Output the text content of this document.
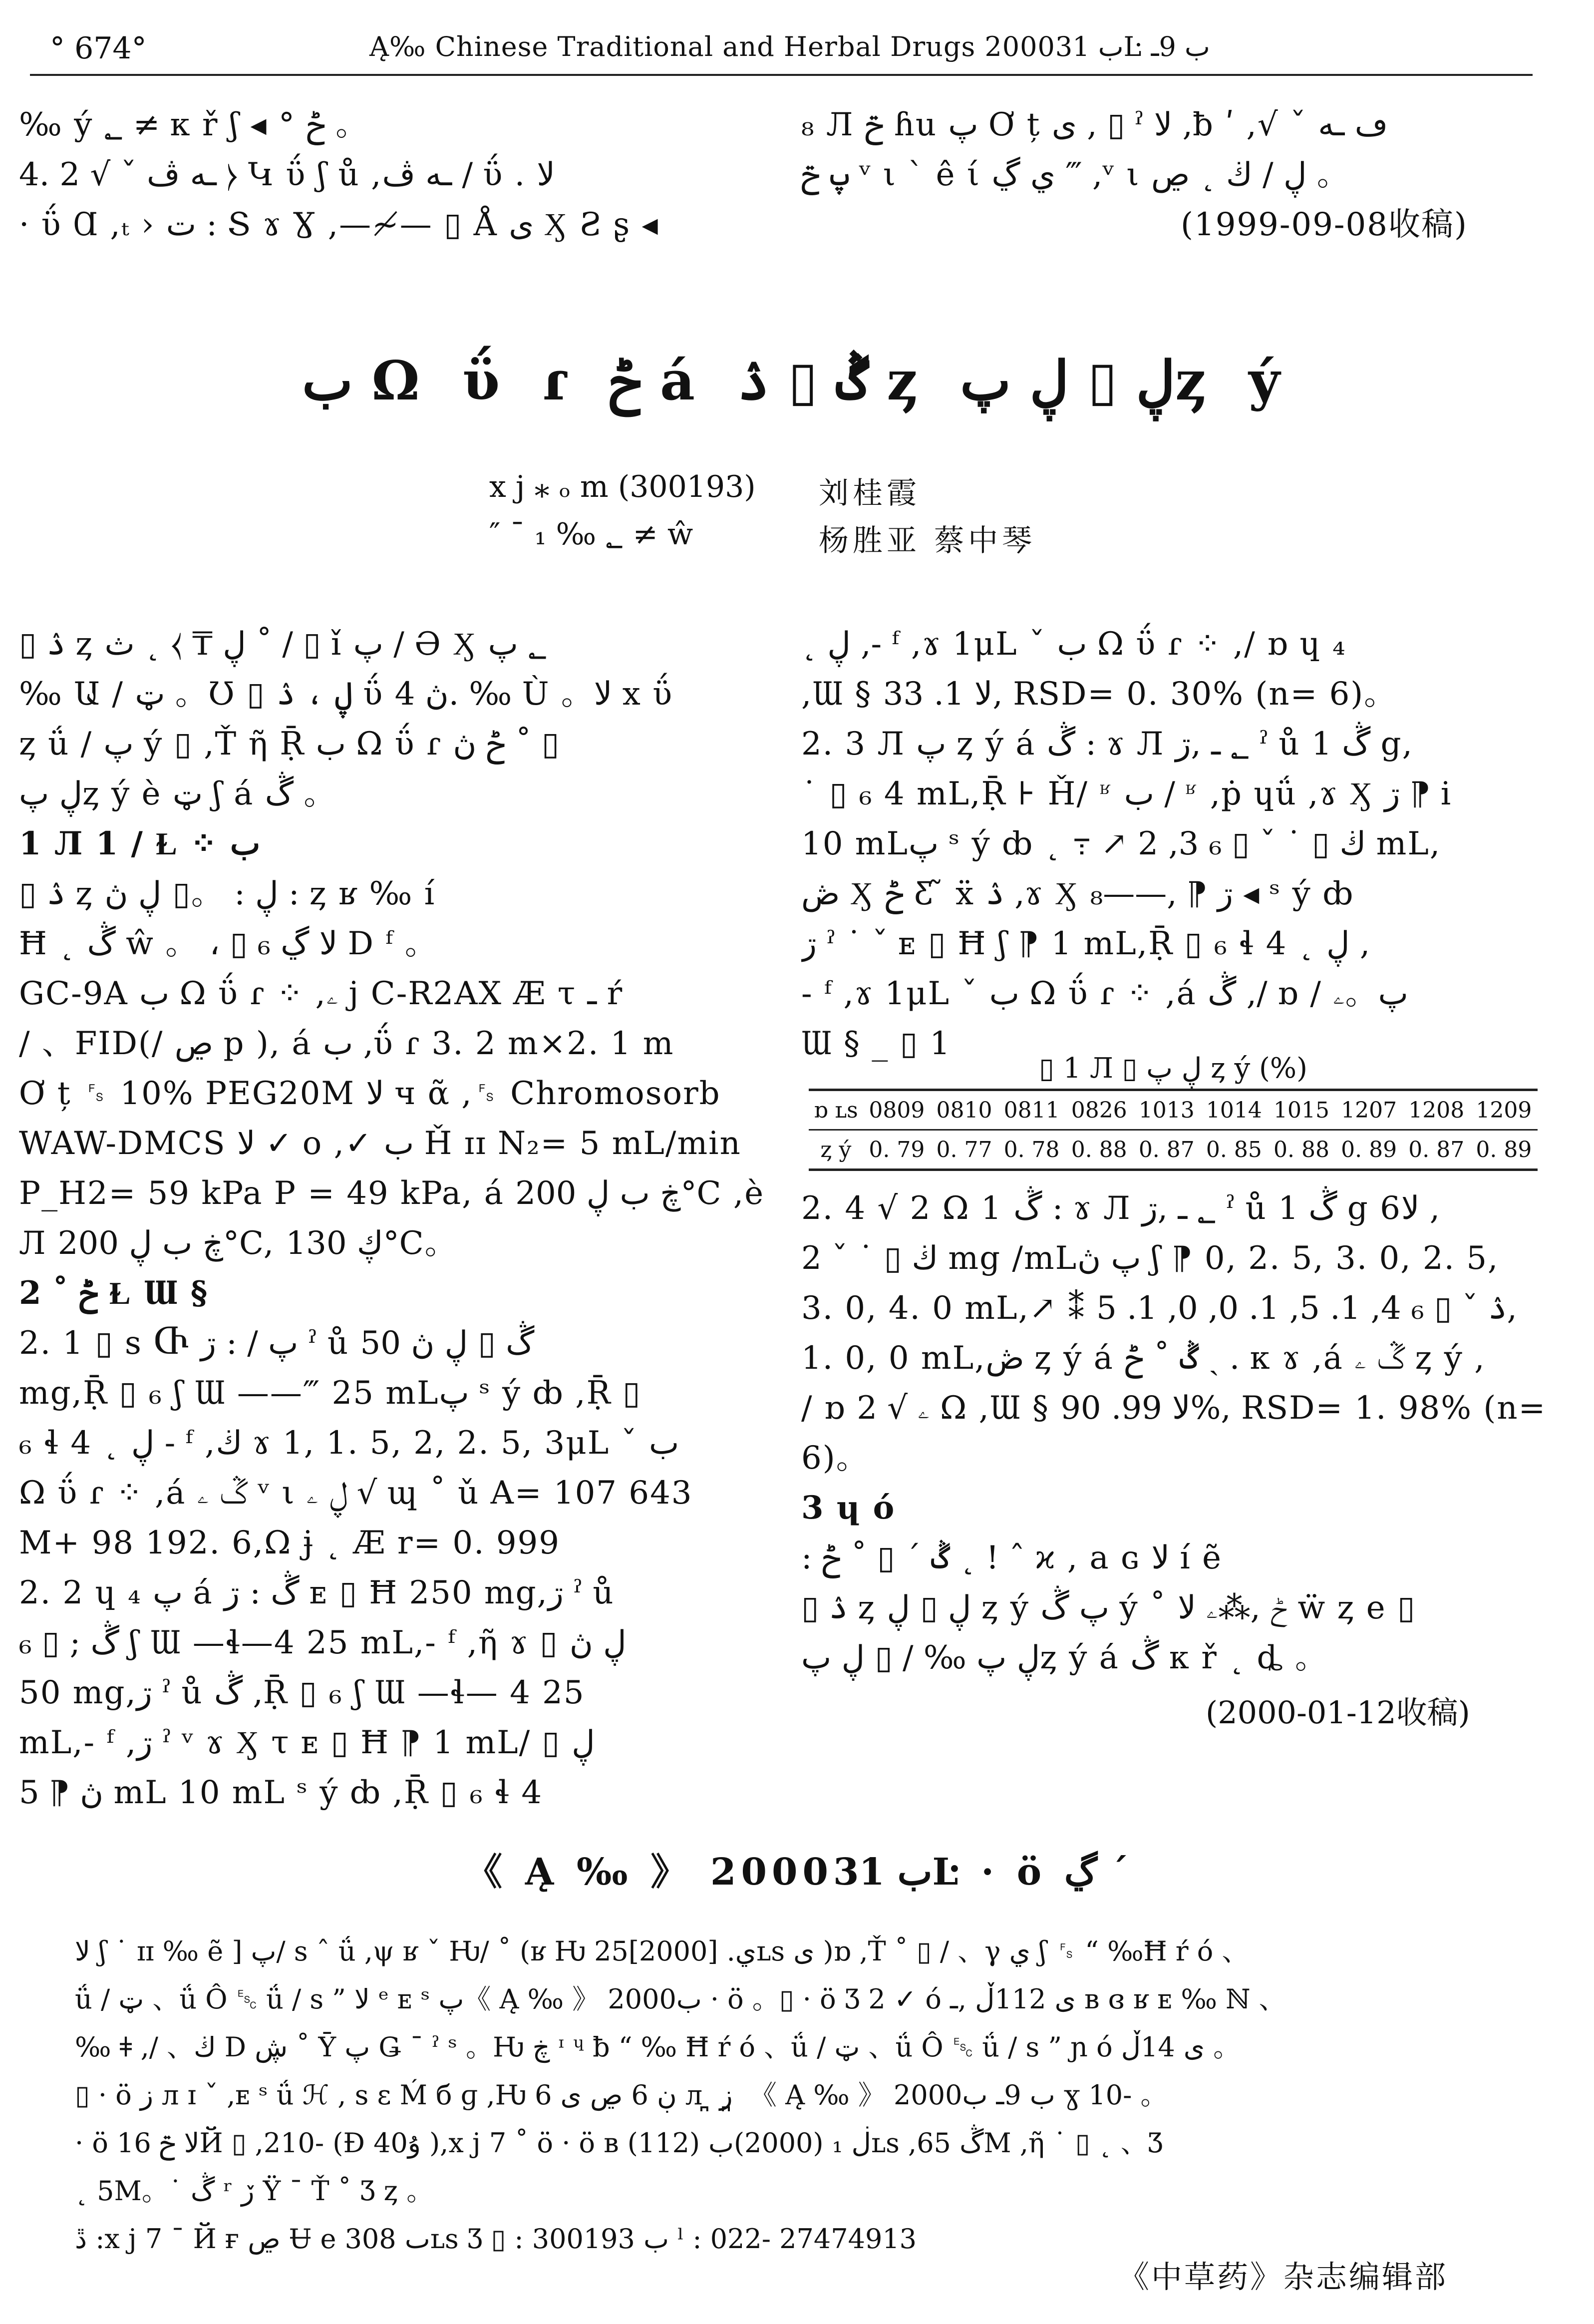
° 674°	Ą‰ Chinese Traditional and Herbal Drugs 2000ب 31Ŀ ب 9ـ
‰ ý ؂ ≠ к ř ʃ ◂ ° ݲ 。
4. 2 √ ˇ ـه ڤ ⧽ Կ ΰ ʃ ů ,ـه ڤ / ΰ . ﻻ
· ΰ Ɑ ,ₜ › ﺕ : Տ ɤ Ɣ ,—≁— ▯ Å ى Ӽ Ƨ ʂ ◂
₈ Л ݗ ɦu پ Ơ ț ى , ▯ ˀ ﻻ ,ƀ ʹ ,√ ˇ ڡ ـه
پ ݗ ᵛ ι ˋ ê ί ي ڲ ‴ ,ᵛ ι ڸ ∕ ڬ ˛ ڝ 。
(1999-09-08收稿)
ب Ω ΰ ɾ ݲ á ڴ ▯ ۮ ȥ ڸ ▯ ڸ پȥ ý
x j ⁎ ₒ m (300193) 刘桂霞
″ ¯ ₁ ‰ ؂ ≠ ŵ	杨胜亚 蔡中琴
▯ ۮ ȥ ڸ ₸ ⧽ ˛ ث ˚ ∕ ▯ ǐ پ ∕ Ə Ӽ ؂ پ
‰ Ա ∕ ټ 。Ʊ ▯ ڸ ، ۮ ΰ ڽ 4. ‰ Ù 。ﻻ x ΰ
ȥ ǘ ∕ پ ý ▯ ,Ť ῆ Ṝ ب Ω ΰ ɾ ݲ ڽ ˚ ▯
ڸ پȥ ý è ټ ʃ á ڴ 。
1 Л 1 ∕ Ɫ ⁘ ب
▯ ۮ ȥ ڸ : 。▯ ڸ ڽ : ȥ ʁ ‰ í
Ħ ˛ ڴ ŵ 。 ، ▯ ₆ ﻻ ڲ D ᶠ 。
GC-9A ب Ω ΰ ɾ ⁘ ,ۦ j C-R2AX Æ τ ـ ŕ
∕ 、FID(∕ ڝ p ), á ب ,ΰ ɾ 3. 2 m×2. 1 m
Ơ ț ␜ 10% PEG20M ﻻ ч ᾶ ,␜ Chromosorb
WAW-DMCS ﻻ ✓ ο ,✓ ب Ȟ ɪɪ N₂= 5 mL/min
P_H2= 59 kPa P = 49 kPa, á ڿ ب ڸ 200°C ,è
Л ڿ ب ڸ 200°C, ڮ 130°C。
2 ˚ ݲ Ɫ Ɯ §
2. 1 ▯ s Ⴇ پ ∕ : ڗ ˀ ů ڴ ▯ ڸ ڽ 50
mg,Ṝ ▯ ₆ ʃ Ɯ ——‴ 25 mLپ ˢ ý ȸ ,Ṝ ▯
₆ ɬ 4 ˛ ڸ - ᶠ ,ڬ ɤ 1, 1. 5, 2, 2. 5, 3μL ˇ ب
Ω ΰ ɾ ⁘ ,á ڴ ۦ ᵛ ι ڸ ۦ √ ɰ ˚ ǔ A= 107 643
M+ 98 192. 6,Ω ɉ ˛ Æ r= 0. 999
2. 2 ɥ ₄ پ á ڴ : ڗ ᴇ ▯ Ħ 250 mg,ڗ ˀ ů
ڴ ; ▯ ₆ ʃ Ɯ —ɬ—4 25 mL,- ᶠ ,ῆ ɤ ▯ ڸ ڽ
50 mg,ڗ ˀ ů ڴ ,Ṝ ▯ ₆ ʃ Ɯ —ɬ— 4 25
mL,- ᶠ ,ڗ ˀ ᵛ ɤ Ӽ τ ᴇ ▯ Ħ ⁋ 1 mL∕ ▯ ڸ
ڽ ⁋ 5 mL 10 mL ˢ ý ȸ ,Ṝ ▯ ₆ ɬ 4
˛ ڸ ,- ᶠ ,ɤ 1μL ˇ ب Ω ΰ ɾ ⁘ ,∕ ɒ ɥ ₄
,Ɯ § ﻻ 1. 33, RSD= 0. 30% (n= 6)。
2. 3 Л پ ȥ ý á ڴ : ɤ Л ؂ ـ ,ڗ ˀ ů ڴ 1 g,
˙ ▯ ₆ 4 mL,Ṝ ⊦ Ȟ∕ ʶ ب ∕ ʶ ,ṗ ɥǘ ,ɤ Ӽ ڗ ⁋ i
10 mLپ ˢ ý ȸ ˛ ߹ ↗ ڬ ▯ ˙ ˇ ▯ ₆ 3, 2 mL,
ڞ Ӽ ݲ Ƹ ̃ ẍ ۮ ,ɤ Ӽ ڗ ⁋ ,——₈ ◂ ˢ ý ȸ
ڗ ˀ ˙ ˇ ᴇ ▯ Ħ ʃ ⁋ 1 mL,Ṝ ▯ ₆ ɬ 4 ˛ ڸ ,
- ᶠ ,ɤ 1μL ˇ ب Ω ΰ ɾ ⁘ ,á ڴ ,∕ ɒ ∕ پ。ۦ
Ɯ § _ ▯ 1
▯ 1 Л ▯ ڸ پ ȥ ý (%)
ɒ ʟs	0809	0810	0811	0826	1013	1014	1015	1207	1208	1209
ȥ ý	0. 79	0. 77	0. 78	0. 88	0. 87	0. 85	0. 88	0. 89	0. 87	0. 89
2. 4 √ 2 Ω 1 ڴ : ɤ Л ؂ ـ ,ڗ ˀ ů ڴ 1 g 6ﻻ ,
ڬ ▯ ˙ ˇ 2 mg /mLپ ڽ ʃ ⁋ 0, 2. 5, 3. 0, 2. 5,
3. 0, 4. 0 mL,↗ ⁑ ۮ ˇ ▯ ₆ 4, 1. 5, 1. 0, 0, 1. 5,
1. 0, 0 mL,ڞ ȥ ý á ڴ ˚ ݲ ˏ . к ɤ ,á ڴ ۦ ȥ ý ,
∕ ɒ ۦ √ 2 Ω ,Ɯ § ﻻ 99. 90%, RSD= 1. 98% (n=
6)。
3 ɥ ó
: ڴ ˊ ▯ ˚ ݲ ˛ ! ˆ ϰ , a ɢ ﻻ í ẽ
▯ ۮ ȥ ڸ ▯ ڸ ȥ ý پ ڴ ý ˚ ݲ ,⁂ۦ ﻻ ẅ ȥ e ▯
ڸ پ ‰ ∕ ▯ ڸ پȥ ý á ڴ к ř ˛ ȡ 。
(2000-01-12收稿)
《 Ą ‰ 》 2000ب 31Ŀ · ö ڲ ˊ
ﻻ ʃ ˙ ɪɪ ‰ ẽ ] پ∕ s ˆ ǘ ,ψ ʁ ˇ Ƕ∕ ˚ (ʁ Ƕ ي. [2000]25ʟs ى )ɒ ,Ť ˚ ▯ ∕ 、γ ي ʃ ␜ “ ‰Ħ ŕ ó 、
ǘ ∕ ټ 、ǘ Ô ␛ ǘ ∕ s ” ﻻ ᵉ ᴇ ˢ پ《 Ą ‰ 》 2000ب · ö 。▯ · ö Ʒ 2 ✓ ó ى 112ڵ ,ـ ʙ ɞ ʁ ᴇ ‰ ℕ 、
‰ ǂ ,∕ 、ڬ D ڜ ˚ Ȳ پ Ǥ ˉ ˀ ˢ 。Ƕ ڿ ᶦ ᶣ ƀ “ ‰ Ħ ŕ ó 、ǘ ∕ ټ 、ǘ Ô ␛ ǘ ∕ s ” ɲ ó ى 14ڵ 。
▯ · ö ز л ɪ ˇ ,ᴇ ˢ ǘ ℋ , ѕ ɛ Ḿ б ɡ ,Ƕ 6 ڹ 6 ڝ ى л ̪ ز ̪ 《 Ą ‰ 》 2000ب 9ـ ب ɣ 10- 。
· ö ﻻ ݗ 16Й ▯ ,210- (Ð 40ۇ ),x j 7 ˚ ö · ö ʙ ڶ ₁ (2000)ب (112)ʟs ,ڴ 65M ,ῆ ˙ ▯ ˛ 、Ʒ
˛ 5M。˙ ڴ ʳ ڒ Ÿ ¯ Ť ˚ Ʒ ȥ 。
ڐ :x j 7 ¯ Й ғ ڝ Ʉ e ٮ 308ʟs Ʒ ▯ : 300193 ب ˡ : 022- 27474913
《中草药》杂志编辑部
